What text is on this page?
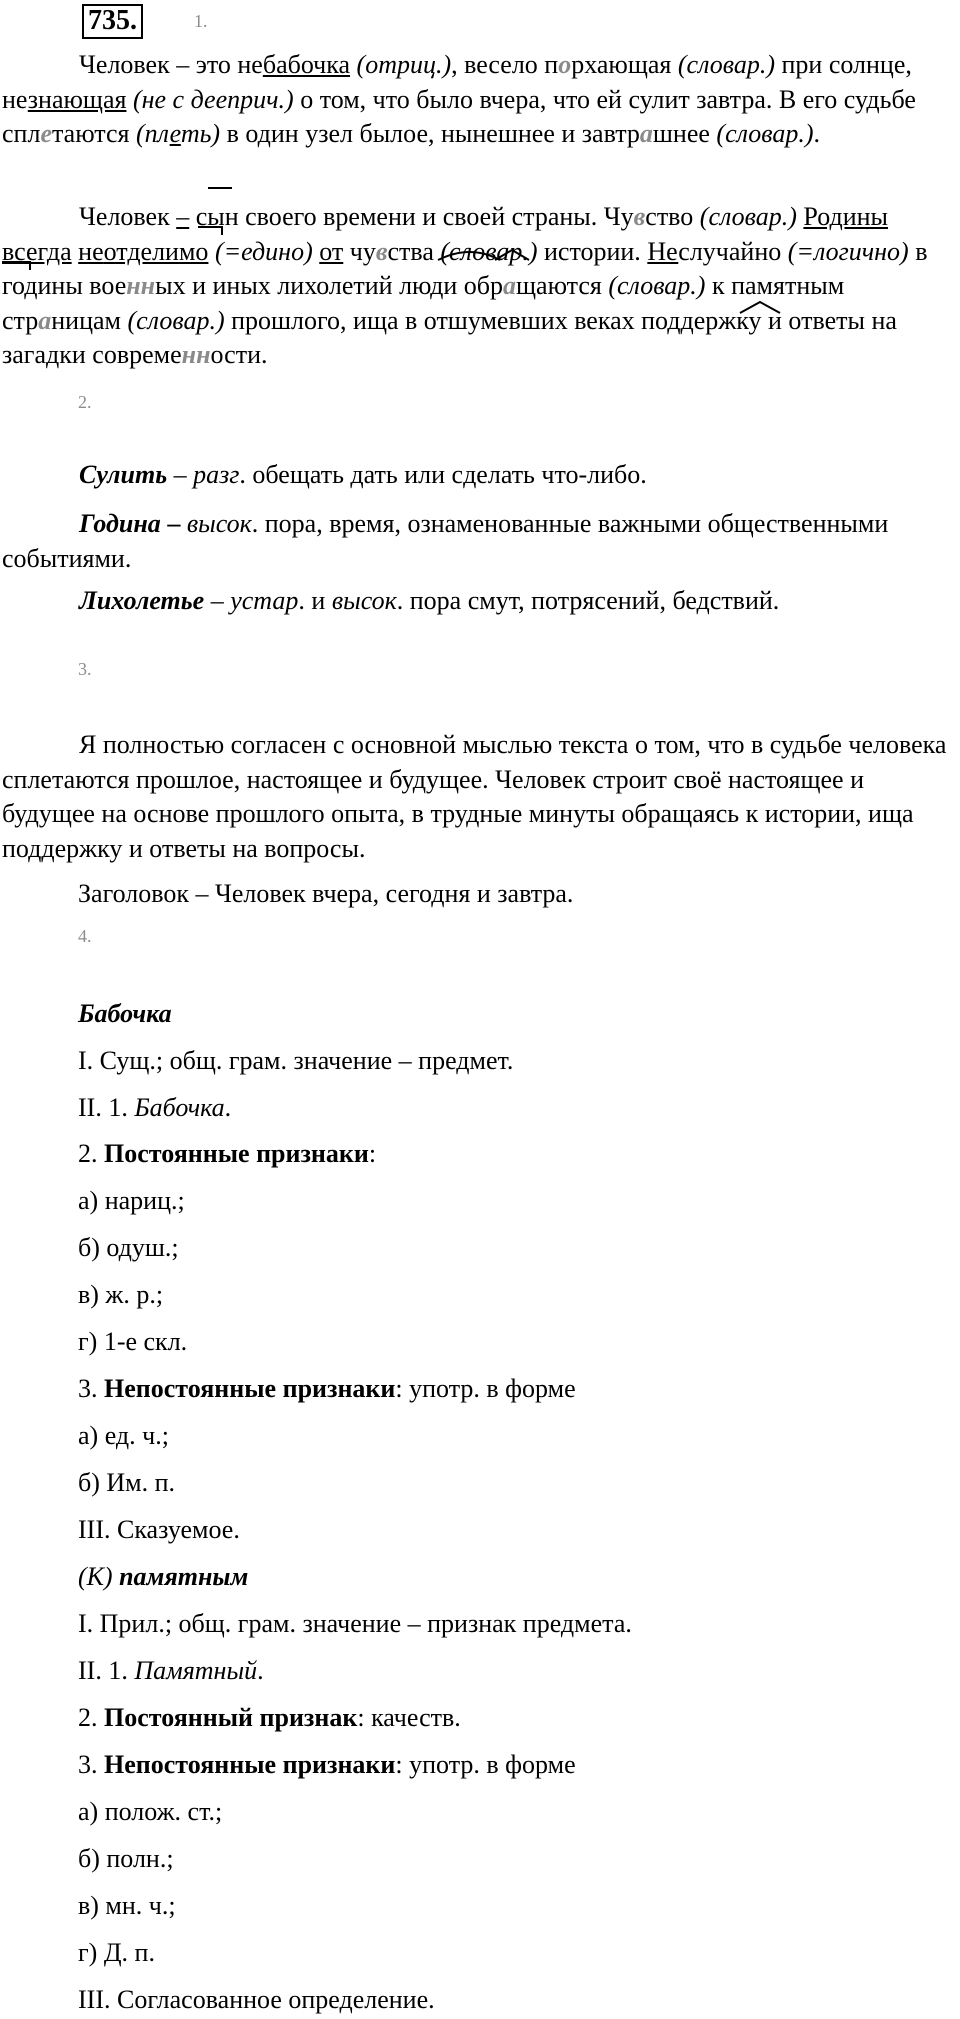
735.	1.

Человек – это небабочка (отриц.), весело порхающая (словар.) при солнце, незнающая (не с дееприч.) о том, что было вчера, что ей сулит завтра. В его судьбе сплетаются (плеть) в один узел былое, нынешнее и завтрашнее (словар.).

Человек – сын своего времени и своей страны. Чувство (словар.) Родины всегда неотделимо (=едино) от чувства (словар.) истории. Неслучайно (=логично) в годины военных и иных лихолетий люди обращаются (словар.) к памятным страницам (словар.) прошлого, ища в отшумевших веках поддержку и ответы на загадки современности.

2.

Сулить – разг. обещать дать или сделать что-либо.

Година – высок. пора, время, ознаменованные важными общественными событиями.

Лихолетье – устар. и высок. пора смут, потрясений, бедствий.

3.

Я полностью согласен с основной мыслью текста о том, что в судьбе человека сплетаются прошлое, настоящее и будущее. Человек строит своё настоящее и будущее на основе прошлого опыта, в трудные минуты обращаясь к истории, ища поддержку и ответы на вопросы.

Заголовок – Человек вчера, сегодня и завтра.
4.
Бабочка
I. Сущ.; общ. грам. значение – предмет.
II. 1. Бабочка.
2. Постоянные признаки:
а) нариц.;
б) одуш.;
в) ж. р.;
г) 1-е скл.
3. Непостоянные признаки: употр. в форме
а) ед. ч.;
б) Им. п.
III. Сказуемое.
(К) памятным
I. Прил.; общ. грам. значение – признак предмета.
II. 1. Памятный.
2. Постоянный признак: качеств.
3. Непостоянные признаки: употр. в форме
а) полож. ст.;
б) полн.;
в) мн. ч.;
г) Д. п.
III. Согласованное определение.
